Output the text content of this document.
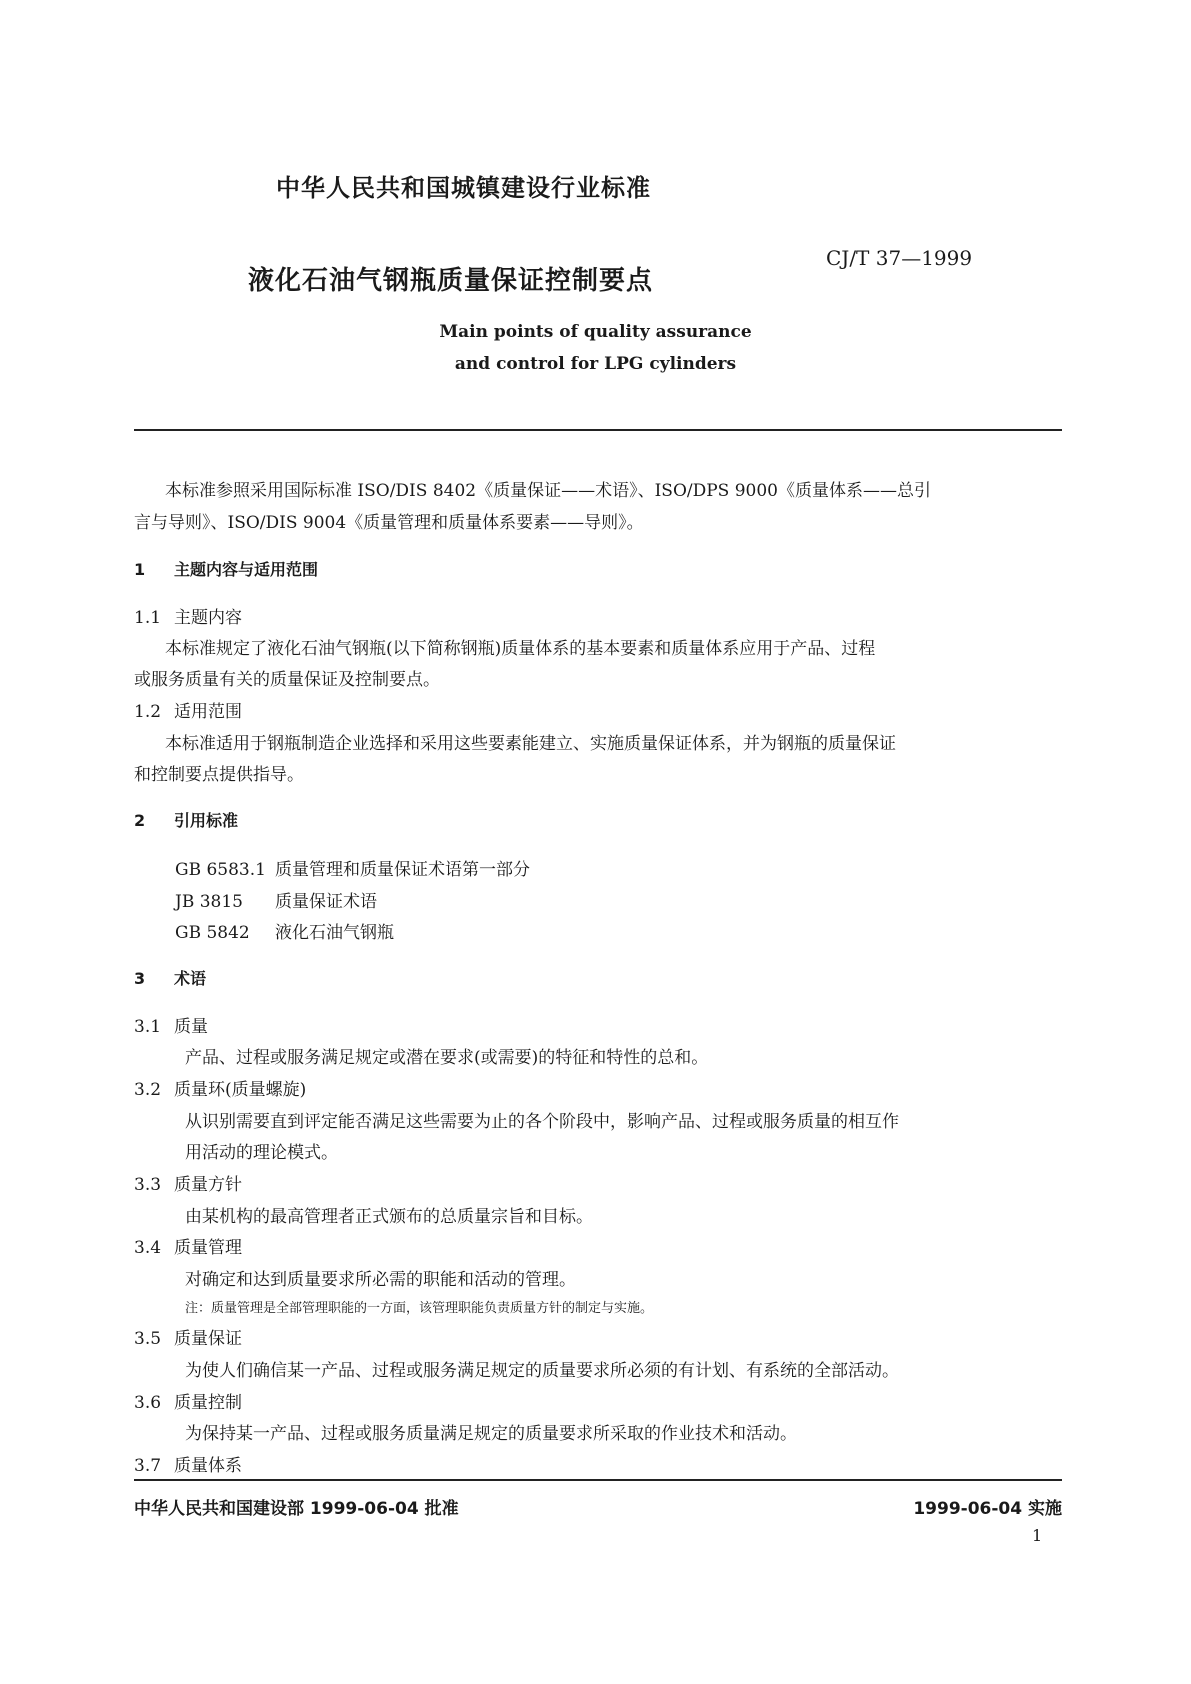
中华人民共和国城镇建设行业标准
CJ/T 37—1999
液化石油气钢瓶质量保证控制要点
Main points of quality assurance
and control for LPG cylinders
本标准参照采用国际标准 ISO/DIS 8402《质量保证——术语》、ISO/DPS 9000《质量体系——总引
言与导则》、ISO/DIS 9004《质量管理和质量体系要素——导则》。
1 主题内容与适用范围
1.1 主题内容
本标准规定了液化石油气钢瓶(以下简称钢瓶)质量体系的基本要素和质量体系应用于产品、过程
或服务质量有关的质量保证及控制要点。
1.2 适用范围
本标准适用于钢瓶制造企业选择和采用这些要素能建立、实施质量保证体系，并为钢瓶的质量保证
和控制要点提供指导。
2 引用标准
GB 6583.1 质量管理和质量保证术语第一部分
JB 3815 质量保证术语
GB 5842 液化石油气钢瓶
3 术语
3.1 质量
产品、过程或服务满足规定或潜在要求(或需要)的特征和特性的总和。
3.2 质量环(质量螺旋)
从识别需要直到评定能否满足这些需要为止的各个阶段中，影响产品、过程或服务质量的相互作
用活动的理论模式。
3.3 质量方针
由某机构的最高管理者正式颁布的总质量宗旨和目标。
3.4 质量管理
对确定和达到质量要求所必需的职能和活动的管理。
注：质量管理是全部管理职能的一方面，该管理职能负责质量方针的制定与实施。
3.5 质量保证
为使人们确信某一产品、过程或服务满足规定的质量要求所必须的有计划、有系统的全部活动。
3.6 质量控制
为保持某一产品、过程或服务质量满足规定的质量要求所采取的作业技术和活动。
3.7 质量体系
中华人民共和国建设部 1999-06-04 批准	1999-06-04 实施
1
